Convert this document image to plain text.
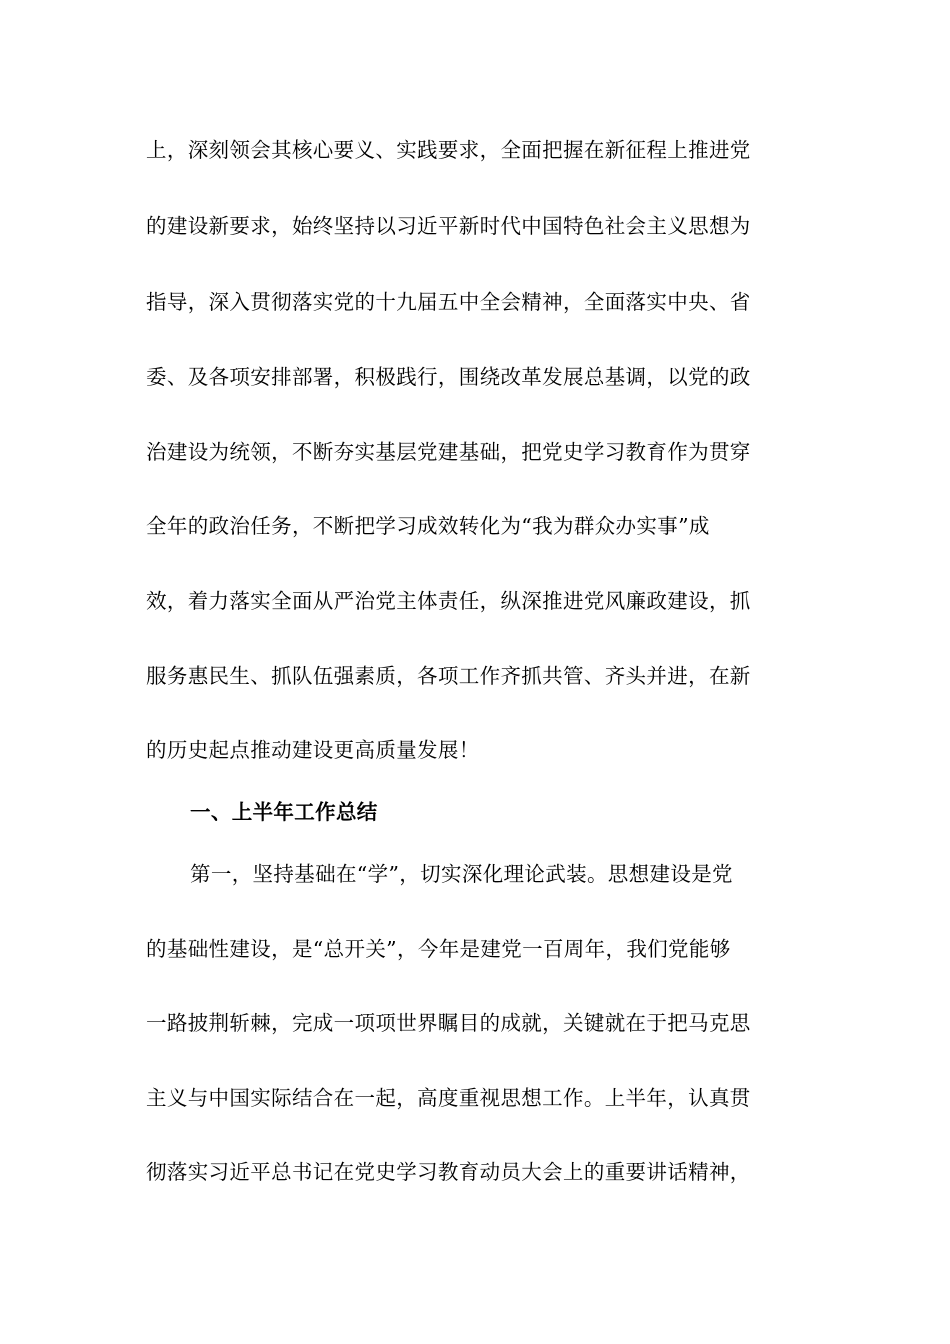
上，深刻领会其核心要义、实践要求，全面把握在新征程上推进党
的建设新要求，始终坚持以习近平新时代中国特色社会主义思想为
指导，深入贯彻落实党的十九届五中全会精神，全面落实中央、省
委、及各项安排部署，积极践行，围绕改革发展总基调，以党的政
治建设为统领，不断夯实基层党建基础，把党史学习教育作为贯穿
全年的政治任务，不断把学习成效转化为“我为群众办实事”成
效，着力落实全面从严治党主体责任，纵深推进党风廉政建设，抓
服务惠民生、抓队伍强素质，各项工作齐抓共管、齐头并进，在新
的历史起点推动建设更高质量发展！
一、上半年工作总结
第一，坚持基础在“学”，切实深化理论武装。思想建设是党
的基础性建设，是“总开关”，今年是建党一百周年，我们党能够
一路披荆斩棘，完成一项项世界瞩目的成就，关键就在于把马克思
主义与中国实际结合在一起，高度重视思想工作。上半年，认真贯
彻落实习近平总书记在党史学习教育动员大会上的重要讲话精神，
